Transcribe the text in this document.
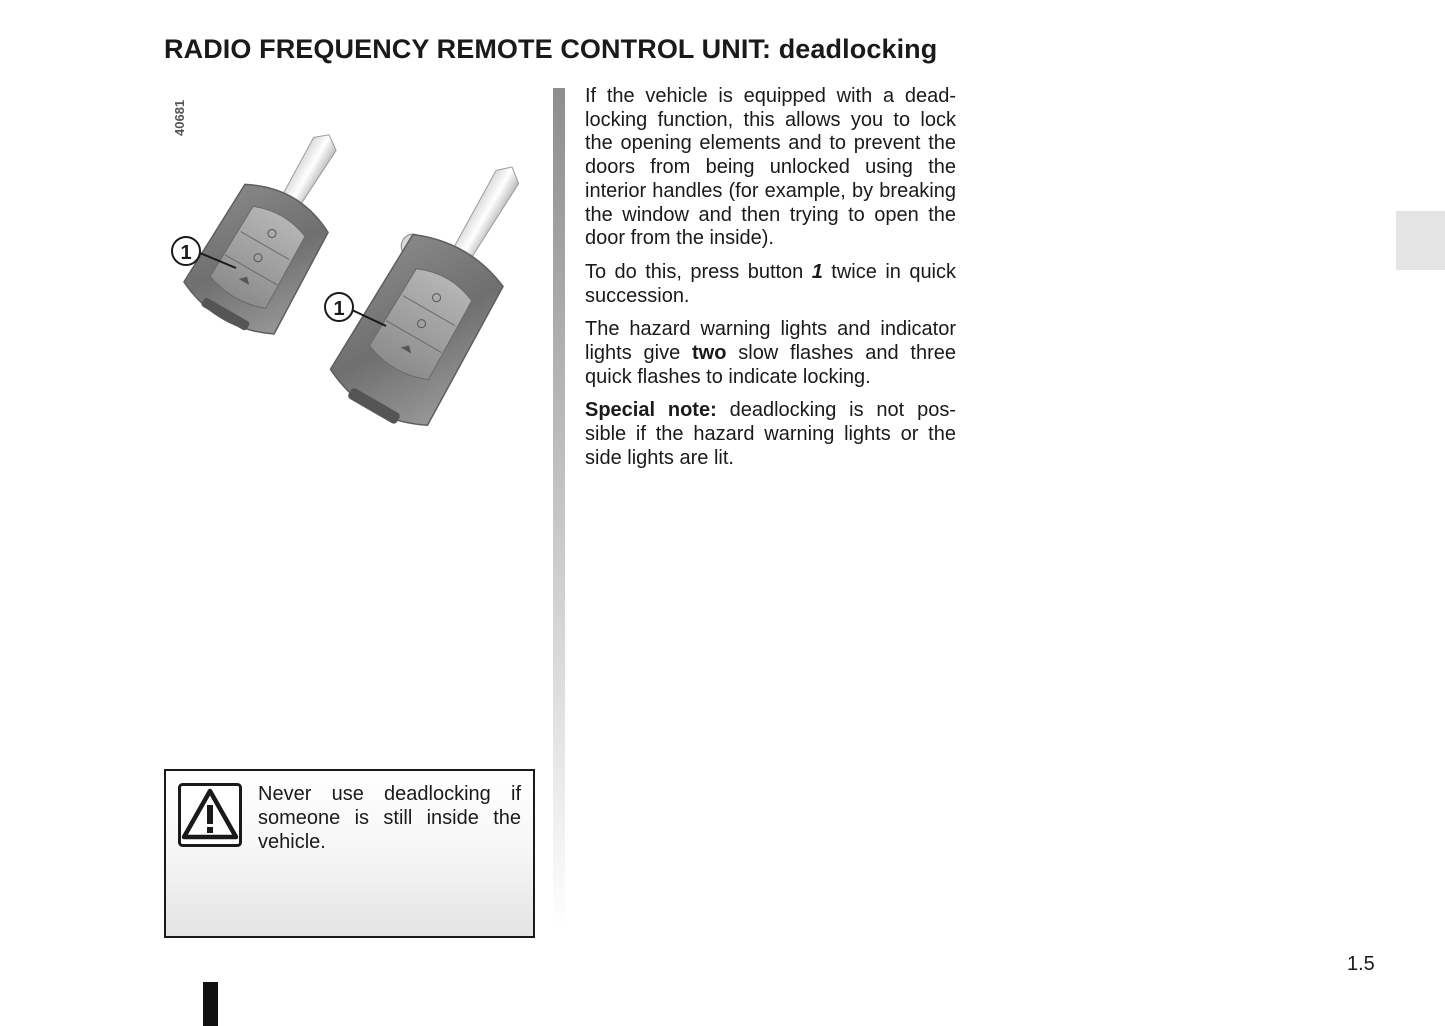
RADIO FREQUENCY REMOTE CONTROL UNIT: deadlocking
40681
1
1

If the vehicle is equipped with a dead-locking function, this allows you to lock the opening elements and to prevent the doors from being unlocked using the interior handles (for example, by breaking the window and then trying to open the door from the inside).

To do this, press button 1 twice in quick succession.

The hazard warning lights and indicator lights give two slow flashes and three quick flashes to indicate locking.

Special note: deadlocking is not pos-sible if the hazard warning lights or the side lights are lit.

Never use deadlocking if someone is still inside the vehicle.
1.5
